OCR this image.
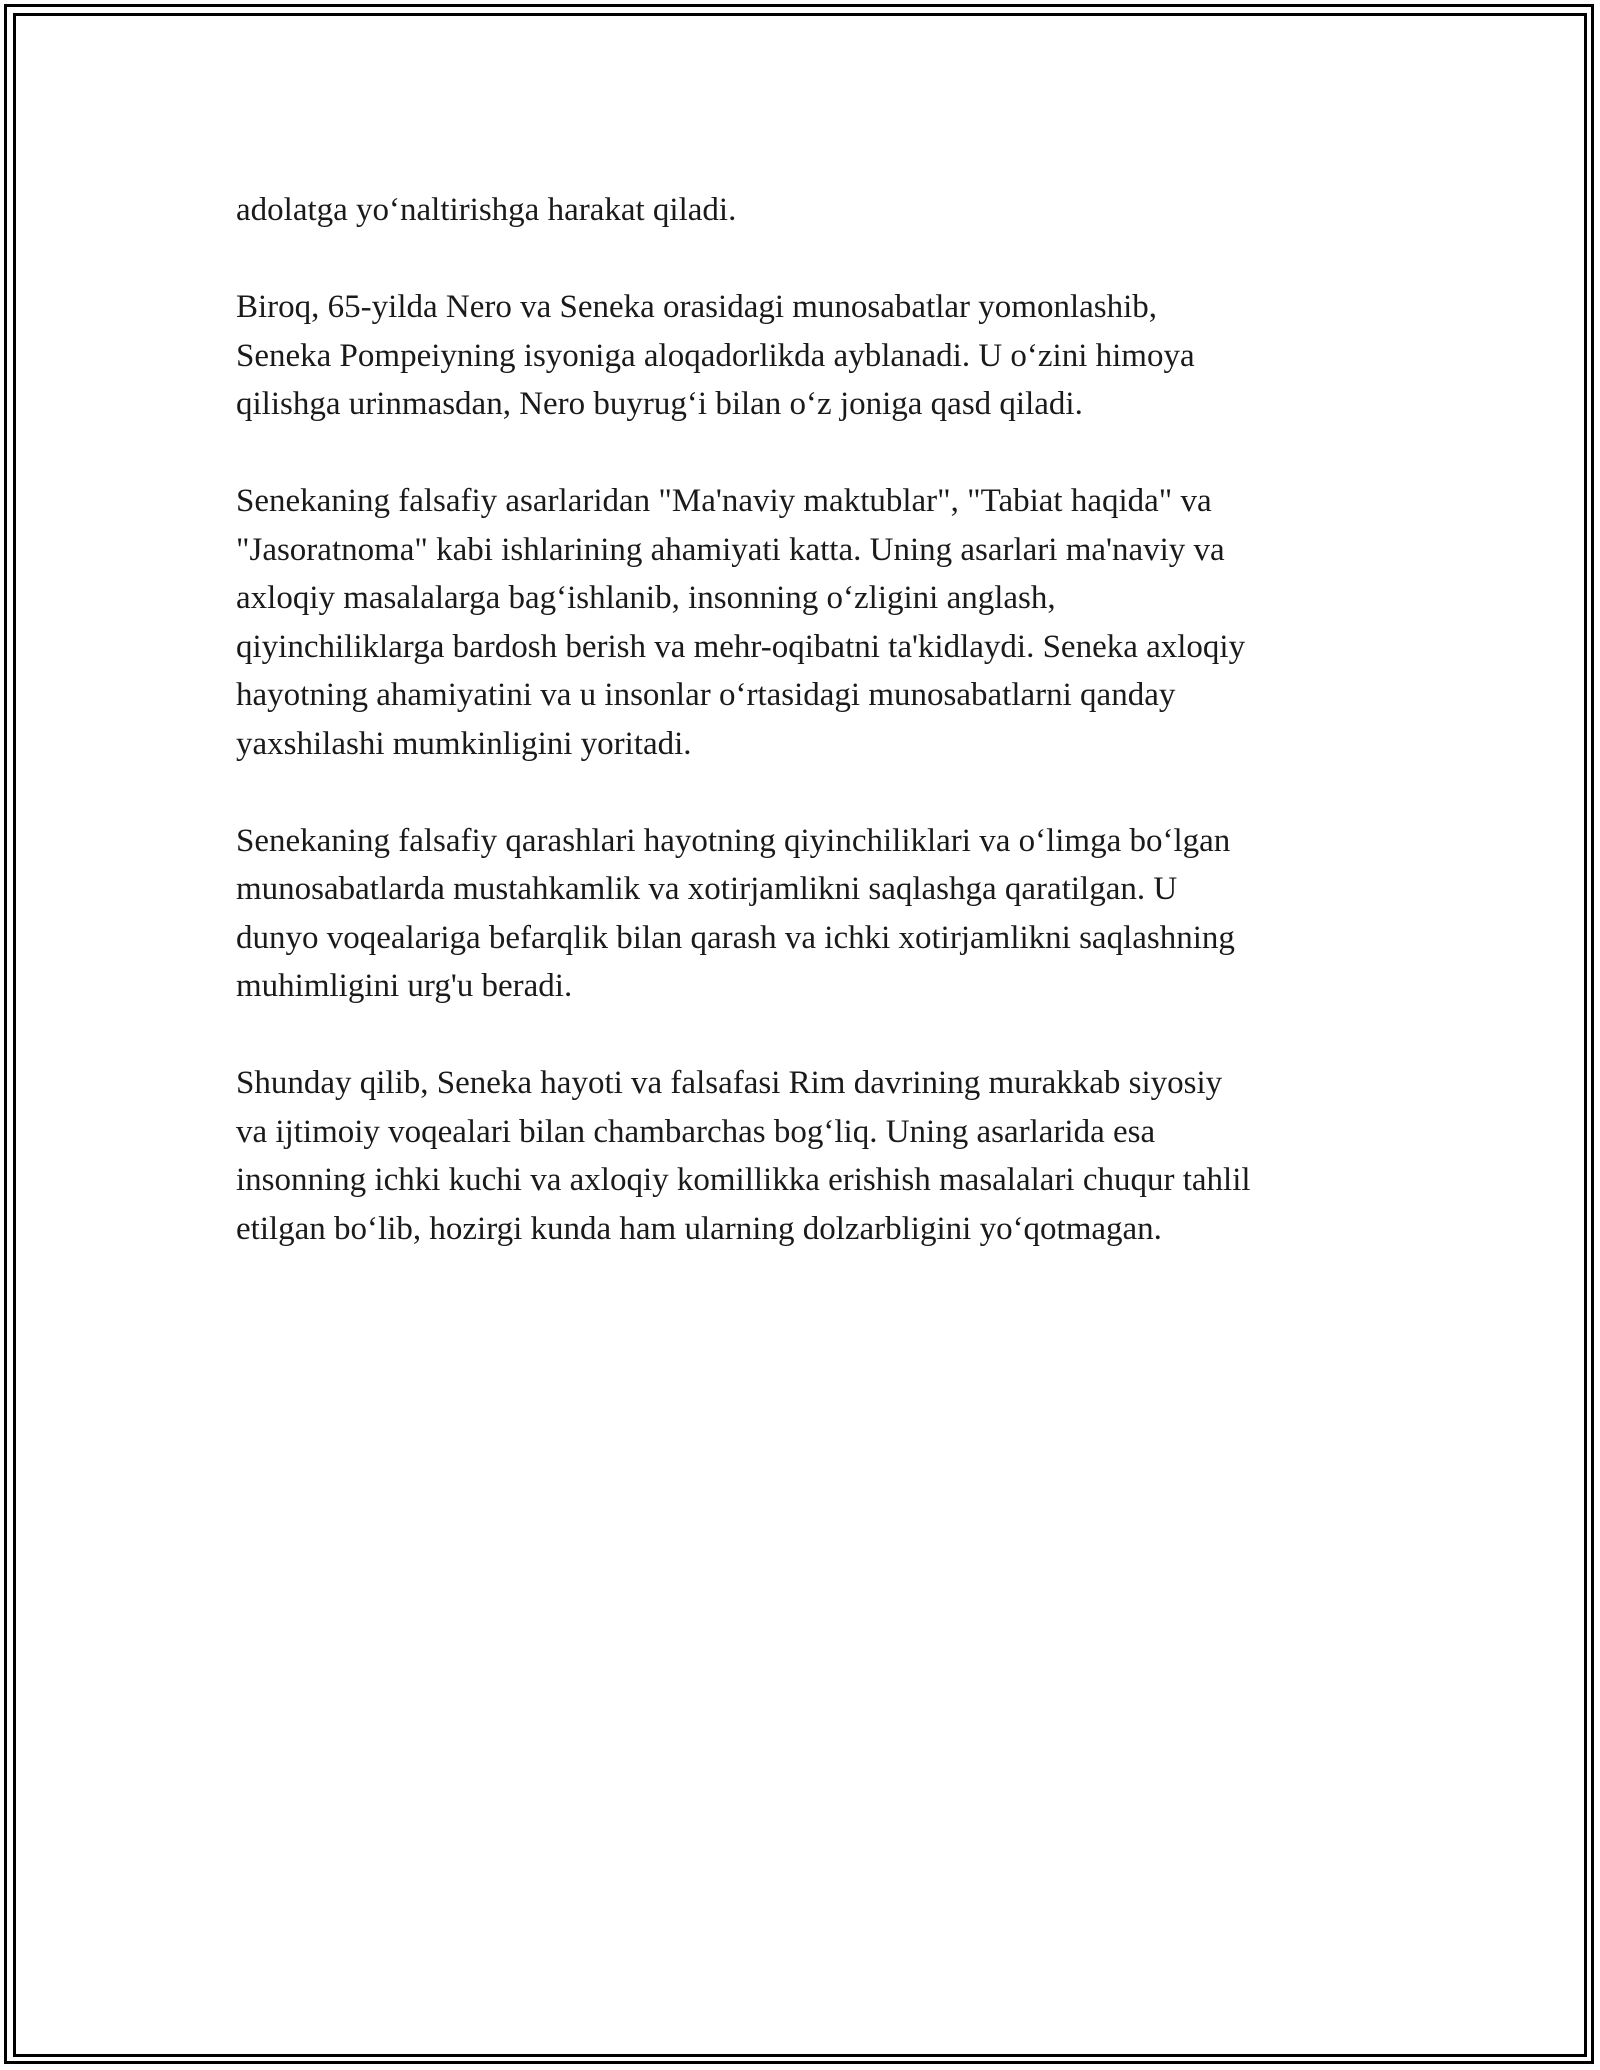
adolatga yo‘naltirishga harakat qiladi.

Biroq, 65-yilda Nero va Seneka orasidagi munosabatlar yomonlashib,
Seneka Pompeiyning isyoniga aloqadorlikda ayblanadi. U o‘zini himoya
qilishga urinmasdan, Nero buyrug‘i bilan o‘z joniga qasd qiladi.

Senekaning falsafiy asarlaridan "Ma'naviy maktublar", "Tabiat haqida" va
"Jasoratnoma" kabi ishlarining ahamiyati katta. Uning asarlari ma'naviy va
axloqiy masalalarga bag‘ishlanib, insonning o‘zligini anglash,
qiyinchiliklarga bardosh berish va mehr-oqibatni ta'kidlaydi. Seneka axloqiy
hayotning ahamiyatini va u insonlar o‘rtasidagi munosabatlarni qanday
yaxshilashi mumkinligini yoritadi.

Senekaning falsafiy qarashlari hayotning qiyinchiliklari va o‘limga bo‘lgan
munosabatlarda mustahkamlik va xotirjamlikni saqlashga qaratilgan. U
dunyo voqealariga befarqlik bilan qarash va ichki xotirjamlikni saqlashning
muhimligini urg'u beradi.

Shunday qilib, Seneka hayoti va falsafasi Rim davrining murakkab siyosiy
va ijtimoiy voqealari bilan chambarchas bog‘liq. Uning asarlarida esa
insonning ichki kuchi va axloqiy komillikka erishish masalalari chuqur tahlil
etilgan bo‘lib, hozirgi kunda ham ularning dolzarbligini yo‘qotmagan.
